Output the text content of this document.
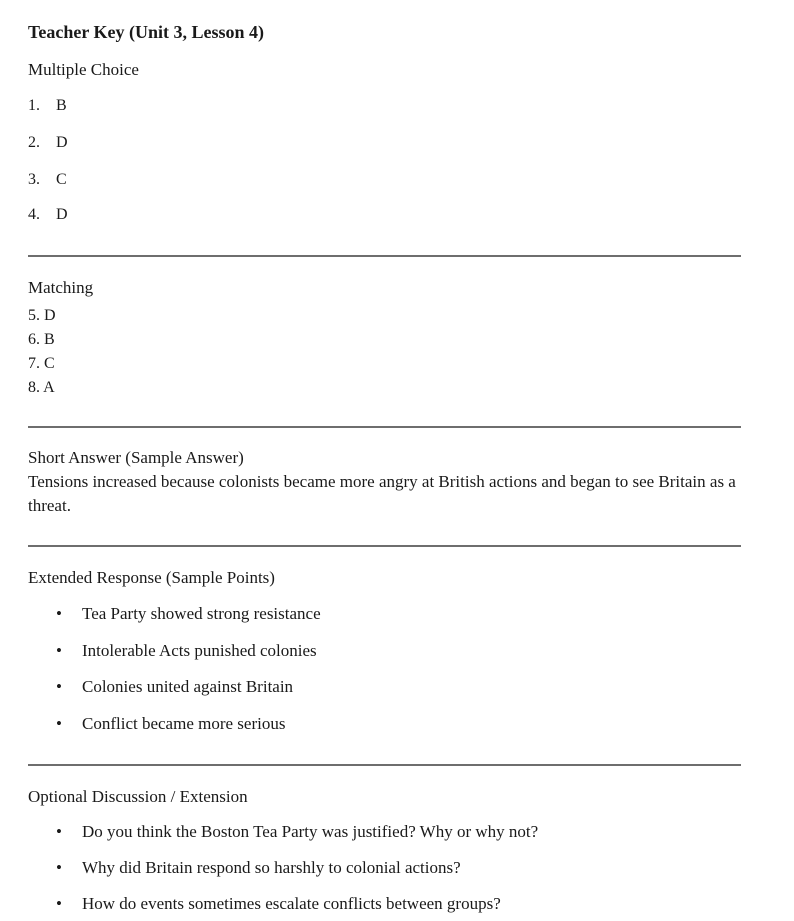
Teacher Key (Unit 3, Lesson 4)

Multiple Choice

1. B
2. D
3. C
4. D

Matching

5. D
6. B
7. C
8. A

Short Answer (Sample Answer)

Tensions increased because colonists became more angry at British actions and began to see Britain as a threat.

Extended Response (Sample Points)

• Tea Party showed strong resistance
• Intolerable Acts punished colonies
• Colonies united against Britain
• Conflict became more serious

Optional Discussion / Extension

• Do you think the Boston Tea Party was justified? Why or why not?
• Why did Britain respond so harshly to colonial actions?
• How do events sometimes escalate conflicts between groups?
